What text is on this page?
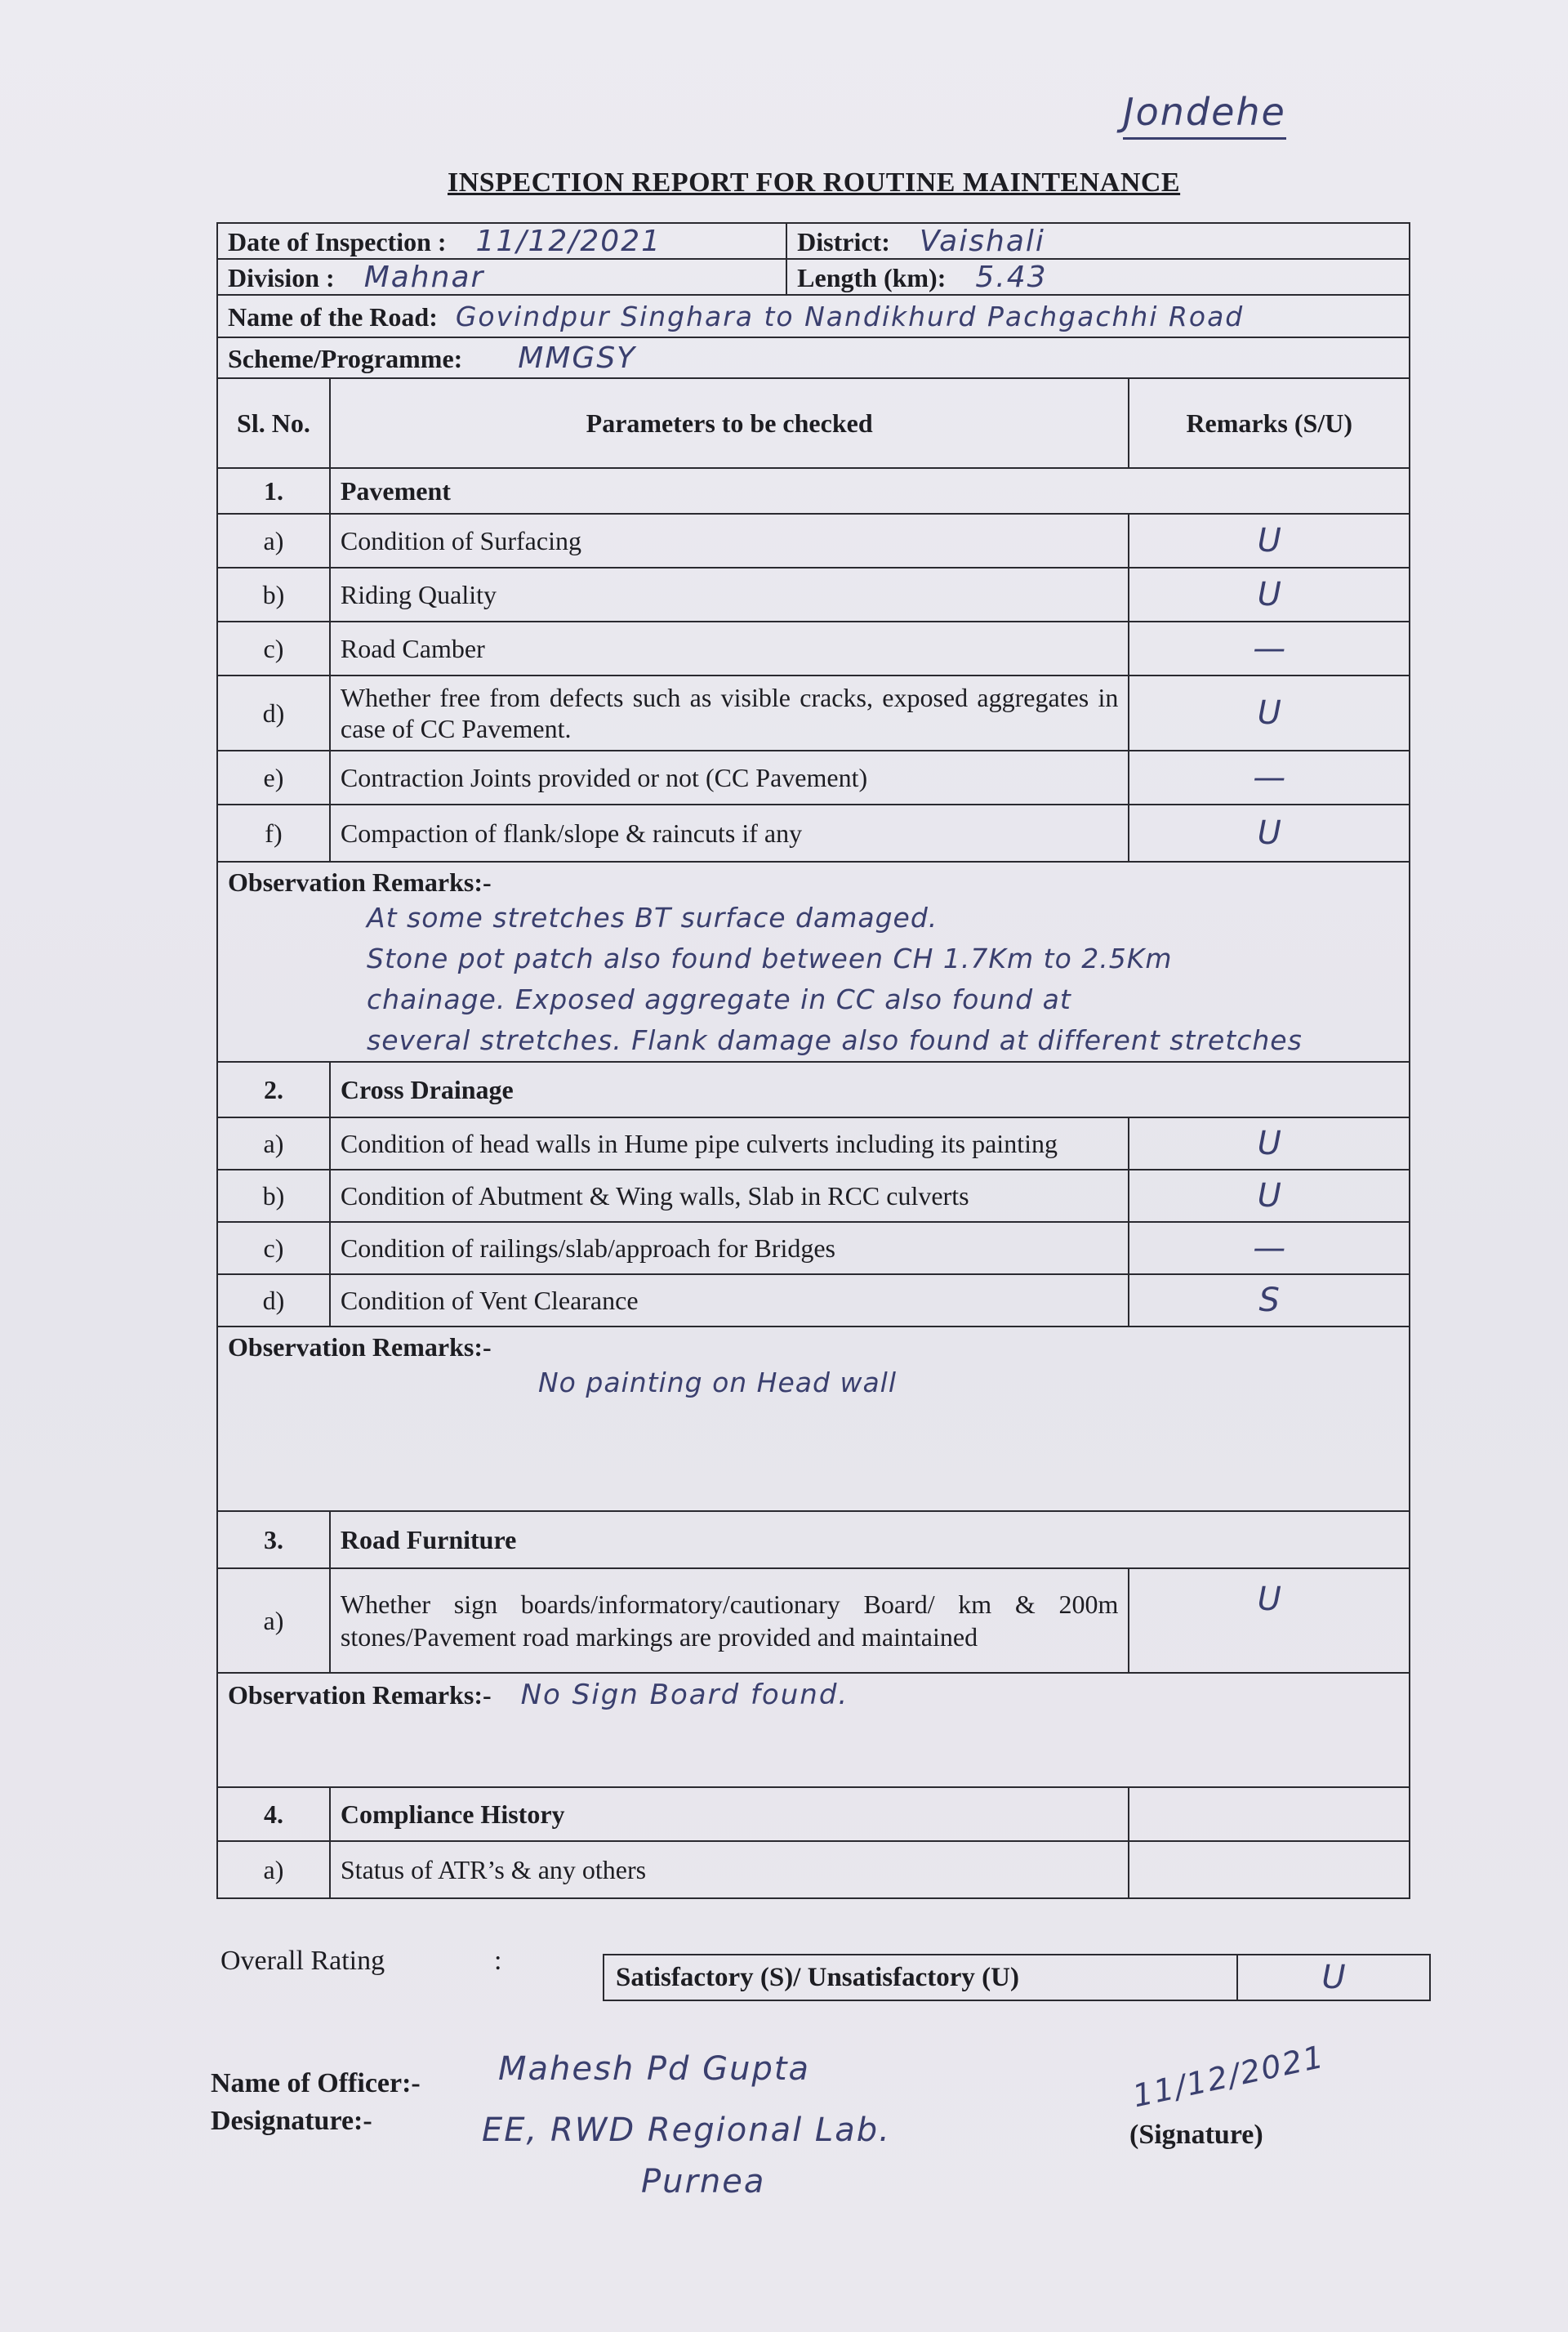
Jondehe
INSPECTION REPORT FOR ROUTINE MAINTENANCE
Date of Inspection : 11/12/2021		District: Vaishali	
Division : Mahnar		Length (km): 5.43	
Name of the Road: Govindpur Singhara to Nandikhurd Pachgachhi Road			
Scheme/Programme: MMGSY			
Sl. No.	Parameters to be checked		Remarks (S/U)
1.	Pavement		
a)	Condition of Surfacing		U
b)	Riding Quality		U
c)	Road Camber		—
d)	Whether free from defects such as visible cracks, exposed aggregates in case of CC Pavement.		U
e)	Contraction Joints provided or not (CC Pavement)		—
f)	Compaction of flank/slope & raincuts if any		U

Observation Remarks:-
At some stretches BT surface damaged.
Stone pot patch also found between CH 1.7Km to 2.5Km
chainage. Exposed aggregate in CC also found at
several stretches. Flank damage also found at different stretches			

2.	Cross Drainage		
a)	Condition of head walls in Hume pipe culverts including its painting		U
b)	Condition of Abutment & Wing walls, Slab in RCC culverts		U
c)	Condition of railings/slab/approach for Bridges		—
d)	Condition of Vent Clearance		S

Observation Remarks:-
No painting on Head wall			

3.	Road Furniture		
a)	Whether sign boards/informatory/cautionary Board/ km & 200m stones/Pavement road markings are provided and maintained		U
Observation Remarks:- No Sign Board found.			
4.	Compliance History		
a)	Status of ATR’s & any others		
Overall Rating	:
Satisfactory (S)/ Unsatisfactory (U)	U
Name of Officer:-
Designature:-
Mahesh Pd Gupta
EE, RWD Regional Lab.
Purnea
11/12/2021
(Signature)
